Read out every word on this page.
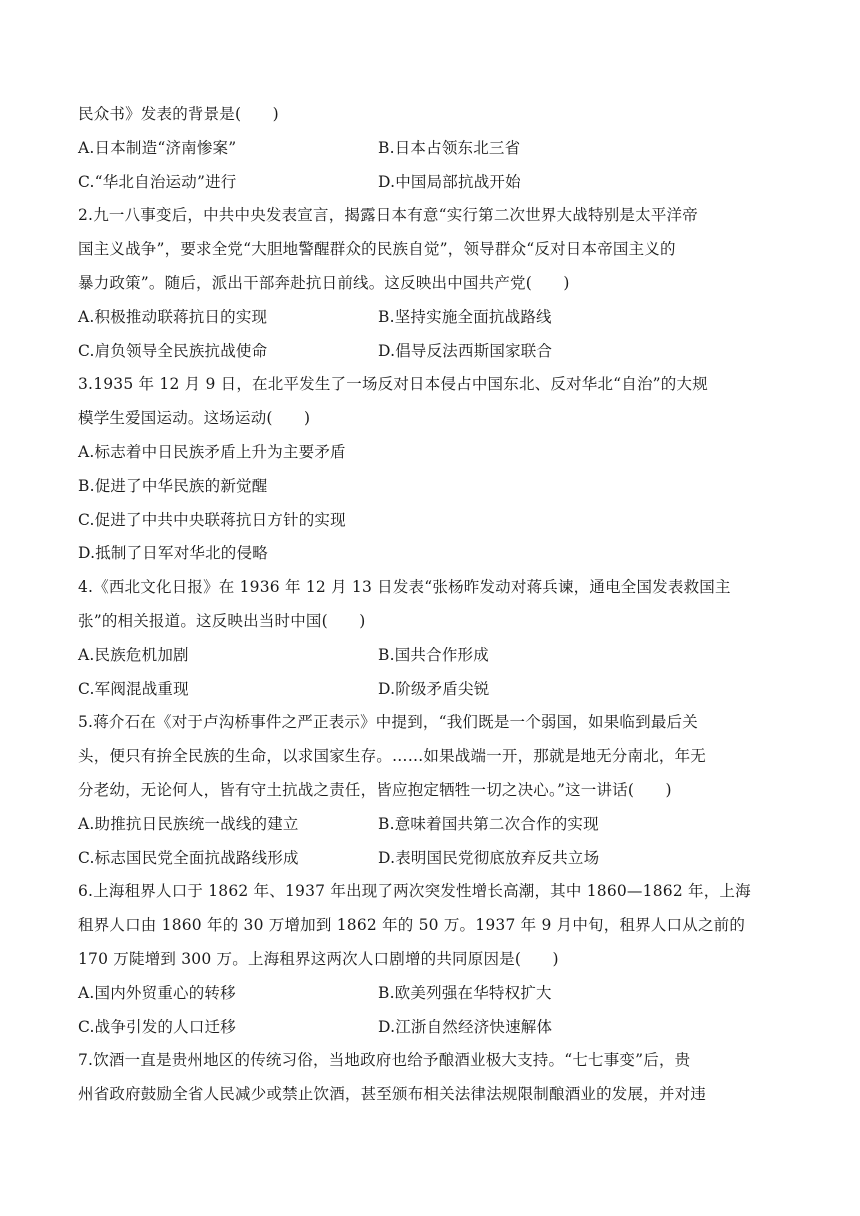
民众书》发表的背景是(　　)
A.日本制造“济南惨案”	B.日本占领东北三省
C.“华北自治运动”进行	D.中国局部抗战开始
2.九一八事变后，中共中央发表宣言，揭露日本有意“实行第二次世界大战特别是太平洋帝
国主义战争”，要求全党“大胆地警醒群众的民族自觉”，领导群众“反对日本帝国主义的
暴力政策”。随后，派出干部奔赴抗日前线。这反映出中国共产党(　　)
A.积极推动联蒋抗日的实现	B.坚持实施全面抗战路线
C.肩负领导全民族抗战使命	D.倡导反法西斯国家联合
3.1935 年 12 月 9 日，在北平发生了一场反对日本侵占中国东北、反对华北“自治”的大规
模学生爱国运动。这场运动(　　)
A.标志着中日民族矛盾上升为主要矛盾
B.促进了中华民族的新觉醒
C.促进了中共中央联蒋抗日方针的实现
D.抵制了日军对华北的侵略
4.《西北文化日报》在 1936 年 12 月 13 日发表“张杨昨发动对蒋兵谏，通电全国发表救国主
张”的相关报道。这反映出当时中国(　　)
A.民族危机加剧	B.国共合作形成
C.军阀混战重现	D.阶级矛盾尖锐
5.蒋介石在《对于卢沟桥事件之严正表示》中提到，“我们既是一个弱国，如果临到最后关
头，便只有拚全民族的生命，以求国家生存。……如果战端一开，那就是地无分南北，年无
分老幼，无论何人，皆有守土抗战之责任，皆应抱定牺牲一切之决心。”这一讲话(　　)
A.助推抗日民族统一战线的建立	B.意味着国共第二次合作的实现
C.标志国民党全面抗战路线形成	D.表明国民党彻底放弃反共立场
6.上海租界人口于 1862 年、1937 年出现了两次突发性增长高潮，其中 1860—1862 年，上海
租界人口由 1860 年的 30 万增加到 1862 年的 50 万。1937 年 9 月中旬，租界人口从之前的
170 万陡增到 300 万。上海租界这两次人口剧增的共同原因是(　　)
A.国内外贸重心的转移	B.欧美列强在华特权扩大
C.战争引发的人口迁移	D.江浙自然经济快速解体
7.饮酒一直是贵州地区的传统习俗，当地政府也给予酿酒业极大支持。“七七事变”后，贵
州省政府鼓励全省人民减少或禁止饮酒，甚至颁布相关法律法规限制酿酒业的发展，并对违
